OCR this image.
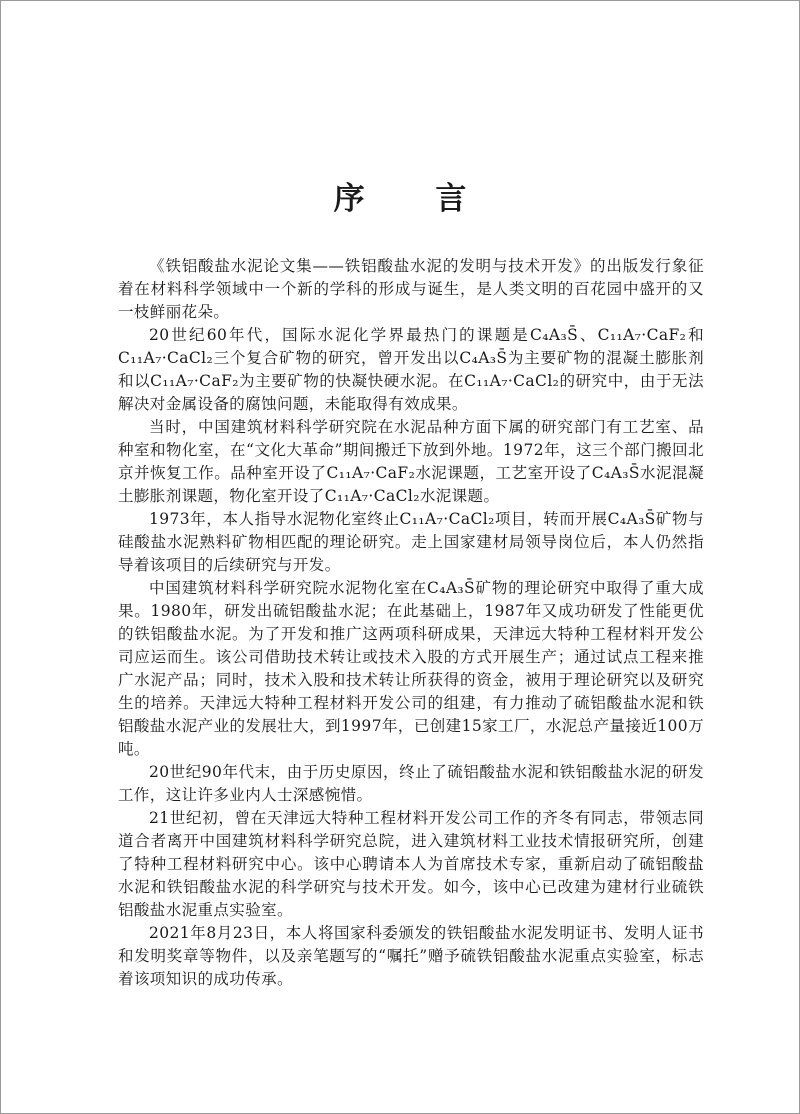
序 言

《铁铝酸盐水泥论文集——铁铝酸盐水泥的发明与技术开发》的出版发行象征着在材料科学领域中一个新的学科的形成与诞生，是人类文明的百花园中盛开的又一枝鲜丽花朵。

20世纪60年代，国际水泥化学界最热门的课题是C₄A₃S̄、C₁₁A₇·CaF₂和C₁₁A₇·CaCl₂三个复合矿物的研究，曾开发出以C₄A₃S̄为主要矿物的混凝土膨胀剂和以C₁₁A₇·CaF₂为主要矿物的快凝快硬水泥。在C₁₁A₇·CaCl₂的研究中，由于无法解决对金属设备的腐蚀问题，未能取得有效成果。

当时，中国建筑材料科学研究院在水泥品种方面下属的研究部门有工艺室、品种室和物化室，在“文化大革命”期间搬迁下放到外地。1972年，这三个部门搬回北京并恢复工作。品种室开设了C₁₁A₇·CaF₂水泥课题，工艺室开设了C₄A₃S̄水泥混凝土膨胀剂课题，物化室开设了C₁₁A₇·CaCl₂水泥课题。

1973年，本人指导水泥物化室终止C₁₁A₇·CaCl₂项目，转而开展C₄A₃S̄矿物与硅酸盐水泥熟料矿物相匹配的理论研究。走上国家建材局领导岗位后，本人仍然指导着该项目的后续研究与开发。

中国建筑材料科学研究院水泥物化室在C₄A₃S̄矿物的理论研究中取得了重大成果。1980年，研发出硫铝酸盐水泥；在此基础上，1987年又成功研发了性能更优的铁铝酸盐水泥。为了开发和推广这两项科研成果，天津远大特种工程材料开发公司应运而生。该公司借助技术转让或技术入股的方式开展生产；通过试点工程来推广水泥产品；同时，技术入股和技术转让所获得的资金，被用于理论研究以及研究生的培养。天津远大特种工程材料开发公司的组建，有力推动了硫铝酸盐水泥和铁铝酸盐水泥产业的发展壮大，到1997年，已创建15家工厂，水泥总产量接近100万吨。

20世纪90年代末，由于历史原因，终止了硫铝酸盐水泥和铁铝酸盐水泥的研发工作，这让许多业内人士深感惋惜。

21世纪初，曾在天津远大特种工程材料开发公司工作的齐冬有同志，带领志同道合者离开中国建筑材料科学研究总院，进入建筑材料工业技术情报研究所，创建了特种工程材料研究中心。该中心聘请本人为首席技术专家，重新启动了硫铝酸盐水泥和铁铝酸盐水泥的科学研究与技术开发。如今，该中心已改建为建材行业硫铁铝酸盐水泥重点实验室。

2021年8月23日，本人将国家科委颁发的铁铝酸盐水泥发明证书、发明人证书和发明奖章等物件，以及亲笔题写的“嘱托”赠予硫铁铝酸盐水泥重点实验室，标志着该项知识的成功传承。
